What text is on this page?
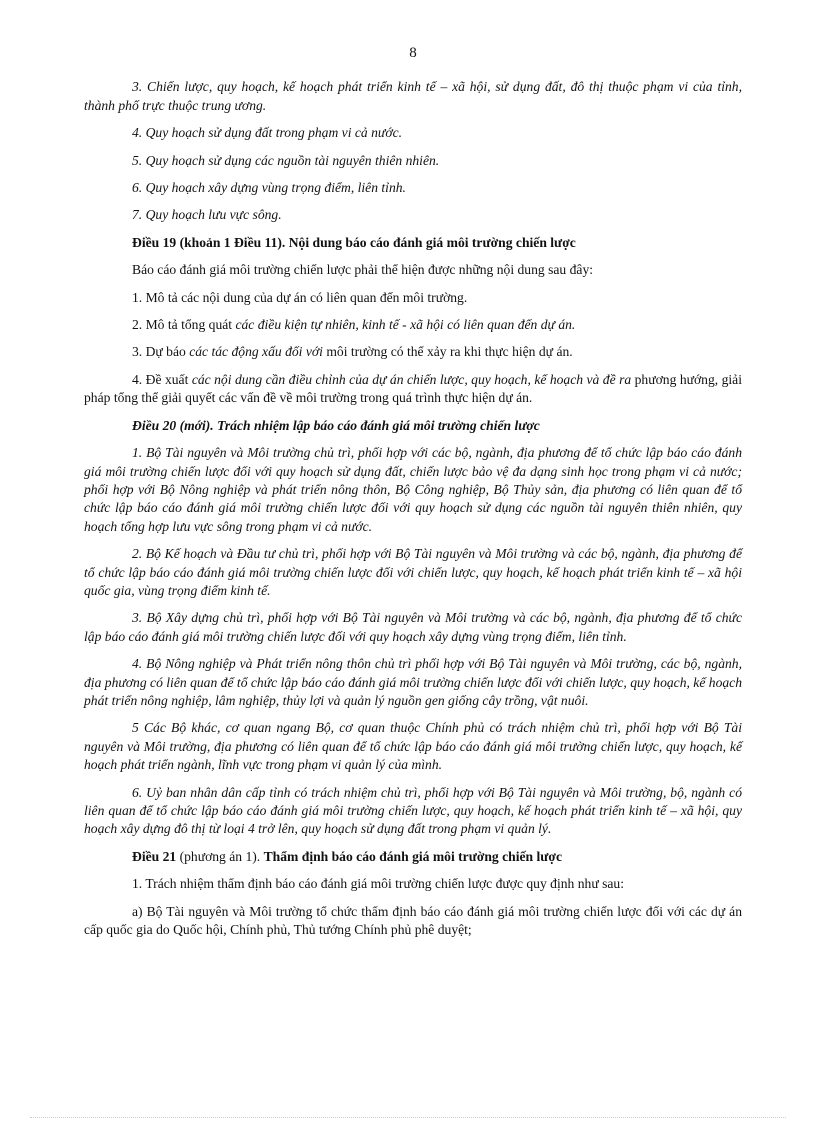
8

3. Chiến lược, quy hoạch, kế hoạch phát triển kinh tế – xã hội, sử dụng đất, đô thị thuộc phạm vi của tỉnh, thành phố trực thuộc trung ương.

4. Quy hoạch sử dụng đất trong phạm vi cả nước.

5. Quy hoạch sử dụng các nguồn tài nguyên thiên nhiên.

6. Quy hoạch xây dựng vùng trọng điểm, liên tỉnh.

7. Quy hoạch lưu vực sông.

Điều 19 (khoản 1 Điều 11). Nội dung báo cáo đánh giá môi trường chiến lược

Báo cáo đánh giá môi trường chiến lược phải thể hiện được những nội dung sau đây:

1. Mô tả các nội dung của dự án có liên quan đến môi trường.

2. Mô tả tổng quát các điều kiện tự nhiên, kinh tế - xã hội có liên quan đến dự án.

3. Dự báo các tác động xấu đối với môi trường có thể xảy ra khi thực hiện dự án.

4. Đề xuất các nội dung cần điều chỉnh của dự án chiến lược, quy hoạch, kế hoạch và đề ra phương hướng, giải pháp tổng thể giải quyết các vấn đề về môi trường trong quá trình thực hiện dự án.

Điều 20 (mới). Trách nhiệm lập báo cáo đánh giá môi trường chiến lược

1. Bộ Tài nguyên và Môi trường chủ trì, phối hợp với các bộ, ngành, địa phương để tổ chức lập báo cáo đánh giá môi trường chiến lược đối với quy hoạch sử dụng đất, chiến lược bảo vệ đa dạng sinh học trong phạm vi cả nước; phối hợp với Bộ Nông nghiệp và phát triển nông thôn, Bộ Công nghiệp, Bộ Thủy sản, địa phương có liên quan để tổ chức lập báo cáo đánh giá môi trường chiến lược đối với quy hoạch sử dụng các nguồn tài nguyên thiên nhiên, quy hoạch tổng hợp lưu vực sông trong phạm vi cả nước.

2. Bộ Kế hoạch và Đầu tư chủ trì, phối hợp với Bộ Tài nguyên và Môi trường và các bộ, ngành, địa phương để tổ chức lập báo cáo đánh giá môi trường chiến lược đối với chiến lược, quy hoạch, kế hoạch phát triển kinh tế – xã hội quốc gia, vùng trọng điểm kinh tế.

3. Bộ Xây dựng chủ trì, phối hợp với Bộ Tài nguyên và Môi trường và các bộ, ngành, địa phương để tổ chức lập báo cáo đánh giá môi trường chiến lược đối với quy hoạch xây dựng vùng trọng điểm, liên tỉnh.

4. Bộ Nông nghiệp và Phát triển nông thôn chủ trì phối hợp với Bộ Tài nguyên và Môi trường, các bộ, ngành, địa phương có liên quan để tổ chức lập báo cáo đánh giá môi trường chiến lược đối với chiến lược, quy hoạch, kế hoạch phát triển nông nghiệp, lâm nghiệp, thủy lợi và quản lý nguồn gen giống cây trồng, vật nuôi.

5 Các Bộ khác, cơ quan ngang Bộ, cơ quan thuộc Chính phủ có trách nhiệm chủ trì, phối hợp với Bộ Tài nguyên và Môi trường, địa phương có liên quan để tổ chức lập báo cáo đánh giá môi trường chiến lược, quy hoạch, kế hoạch phát triển ngành, lĩnh vực trong phạm vi quản lý của mình.

6. Uỷ ban nhân dân cấp tỉnh có trách nhiệm chủ trì, phối hợp với Bộ Tài nguyên và Môi trường, bộ, ngành có liên quan để tổ chức lập báo cáo đánh giá môi trường chiến lược, quy hoạch, kế hoạch phát triển kinh tế – xã hội, quy hoạch xây dựng đô thị từ loại 4 trở lên, quy hoạch sử dụng đất trong phạm vi quản lý.

Điều 21 (phương án 1). Thẩm định báo cáo đánh giá môi trường chiến lược

1. Trách nhiệm thẩm định báo cáo đánh giá môi trường chiến lược được quy định như sau:

a) Bộ Tài nguyên và Môi trường tổ chức thẩm định báo cáo đánh giá môi trường chiến lược đối với các dự án cấp quốc gia do Quốc hội, Chính phủ, Thủ tướng Chính phủ phê duyệt;
